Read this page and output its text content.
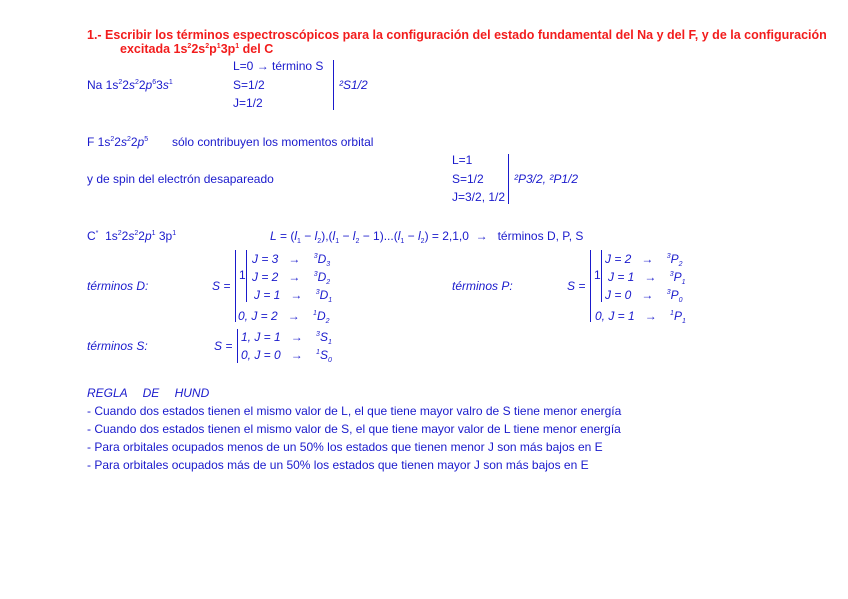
1.- Escribir los términos espectroscópicos para la configuración del estado fundamental del Na y del F, y de la configuración
excitada $1s^22s^2p^13p^1$ del C
Na $1s^22s^22p^63s^1$
L=0 → término S
S=1/2
J=1/2
²S1/2
F $1s^22s^22p^5$ sólo contribuyen los momentos orbital
y de spin del electrón desapareado
L=1
S=1/2
J=3/2, 1/2
²P3/2, ²P1/2
C*  $1s^22s^22p^1$ $3p^1$	$L = (l_1 - l_2),(l_1 - l_2 - 1)...(l_1 - l_2) = 2,1,0$  →   términos D, P, S
términos D:	S =
1
J = 3   →    $^3D_3$
J = 2   →    $^3D_2$
J = 1   →    $^3D_1$
0, J = 2   →    $^1D_2$
términos P:	S =
1
J = 2   →    $^3P_2$
J = 1   →    $^3P_1$
J = 0   →    $^3P_0$
0, J = 1   →    $^1P_1$
términos S:	S =
1, J = 1   →    $^3S_1$
0, J = 0   →    $^1S_0$
REGLA DE HUND
- Cuando dos estados tienen el mismo valor de L, el que tiene mayor valro de S tiene menor energía
- Cuando dos estados tienen el mismo valor de S, el que tiene mayor valor de L tiene menor energía
- Para orbitales ocupados menos de un 50% los estados que tienen menor J son más bajos en E
- Para orbitales ocupados más de un 50% los estados que tienen mayor J son más bajos en E
